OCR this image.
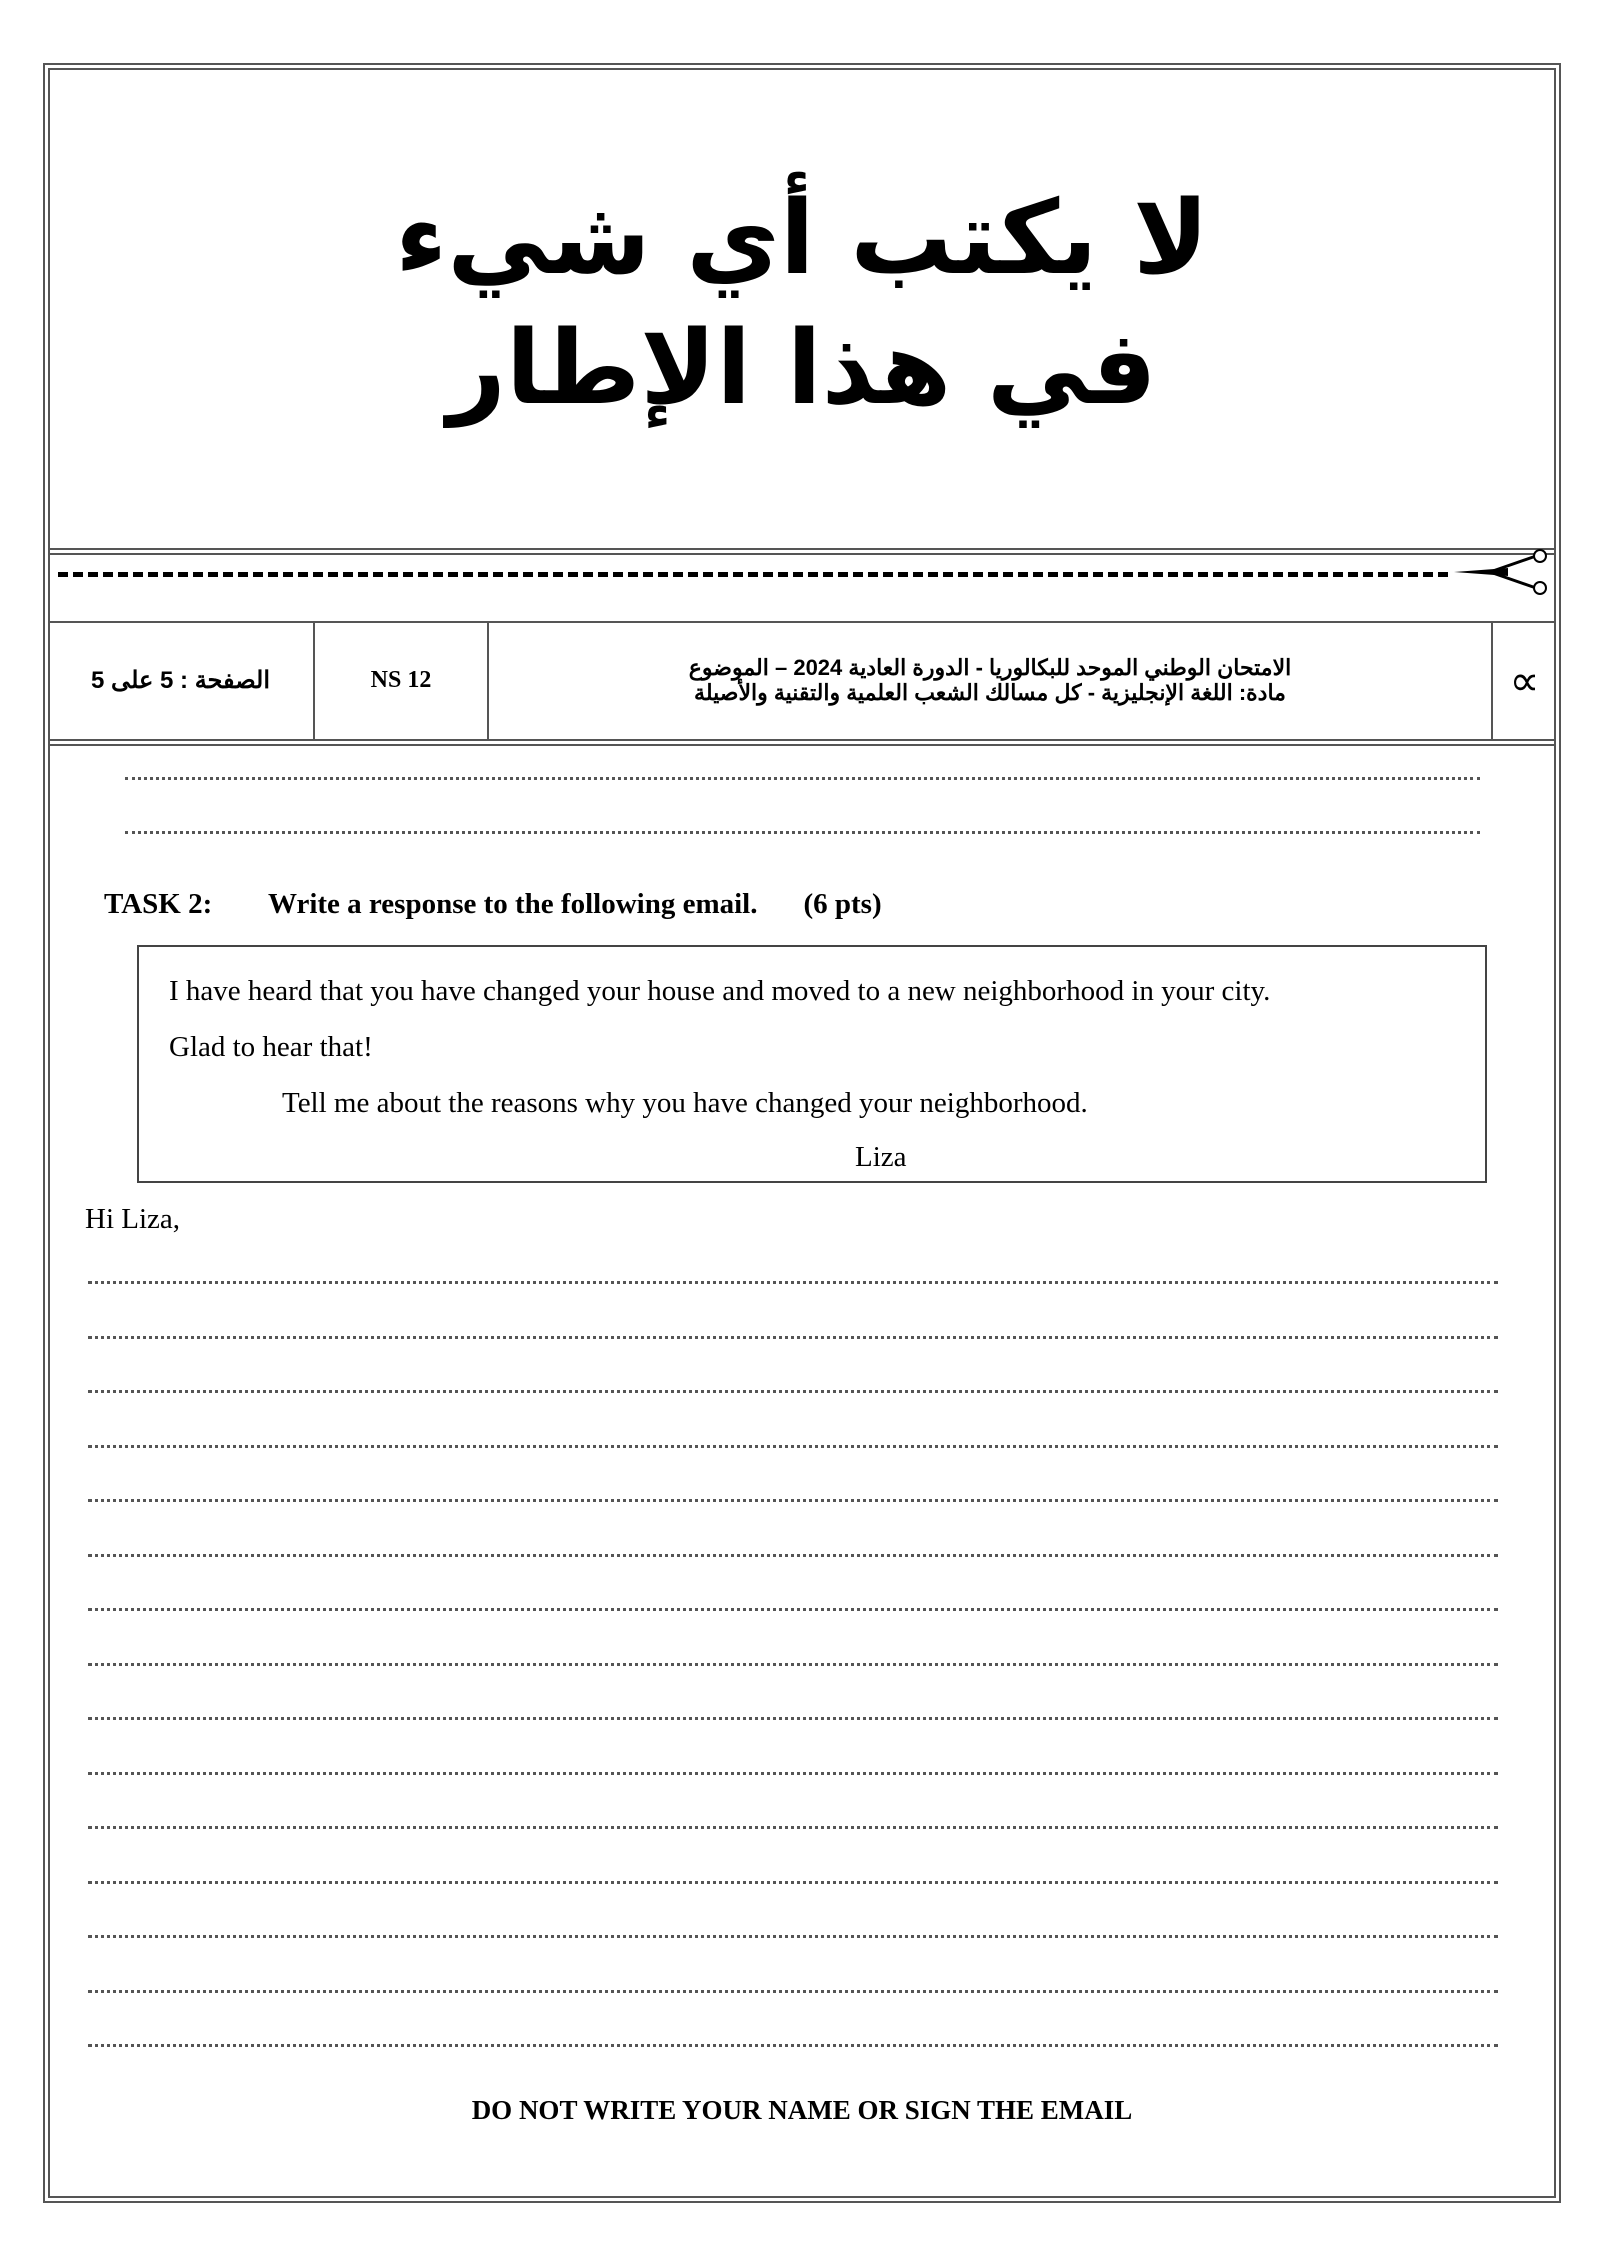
لا يكتب أي شيء
في هذا الإطار
الصفحة : 5 على 5	NS 12	الامتحان الوطني الموحد للبكالوريا - الدورة العادية 2024 – الموضوع
مادة: اللغة الإنجليزية - كل مسالك الشعب العلمية والتقنية والأصيلة	∝
TASK 2: Write a response to the following email. (6 pts)
I have heard that you have changed your house and moved to a new neighborhood in your city.
Glad to hear that!
Tell me about the reasons why you have changed your neighborhood.
Liza
Hi Liza,
DO NOT WRITE YOUR NAME OR SIGN THE EMAIL
